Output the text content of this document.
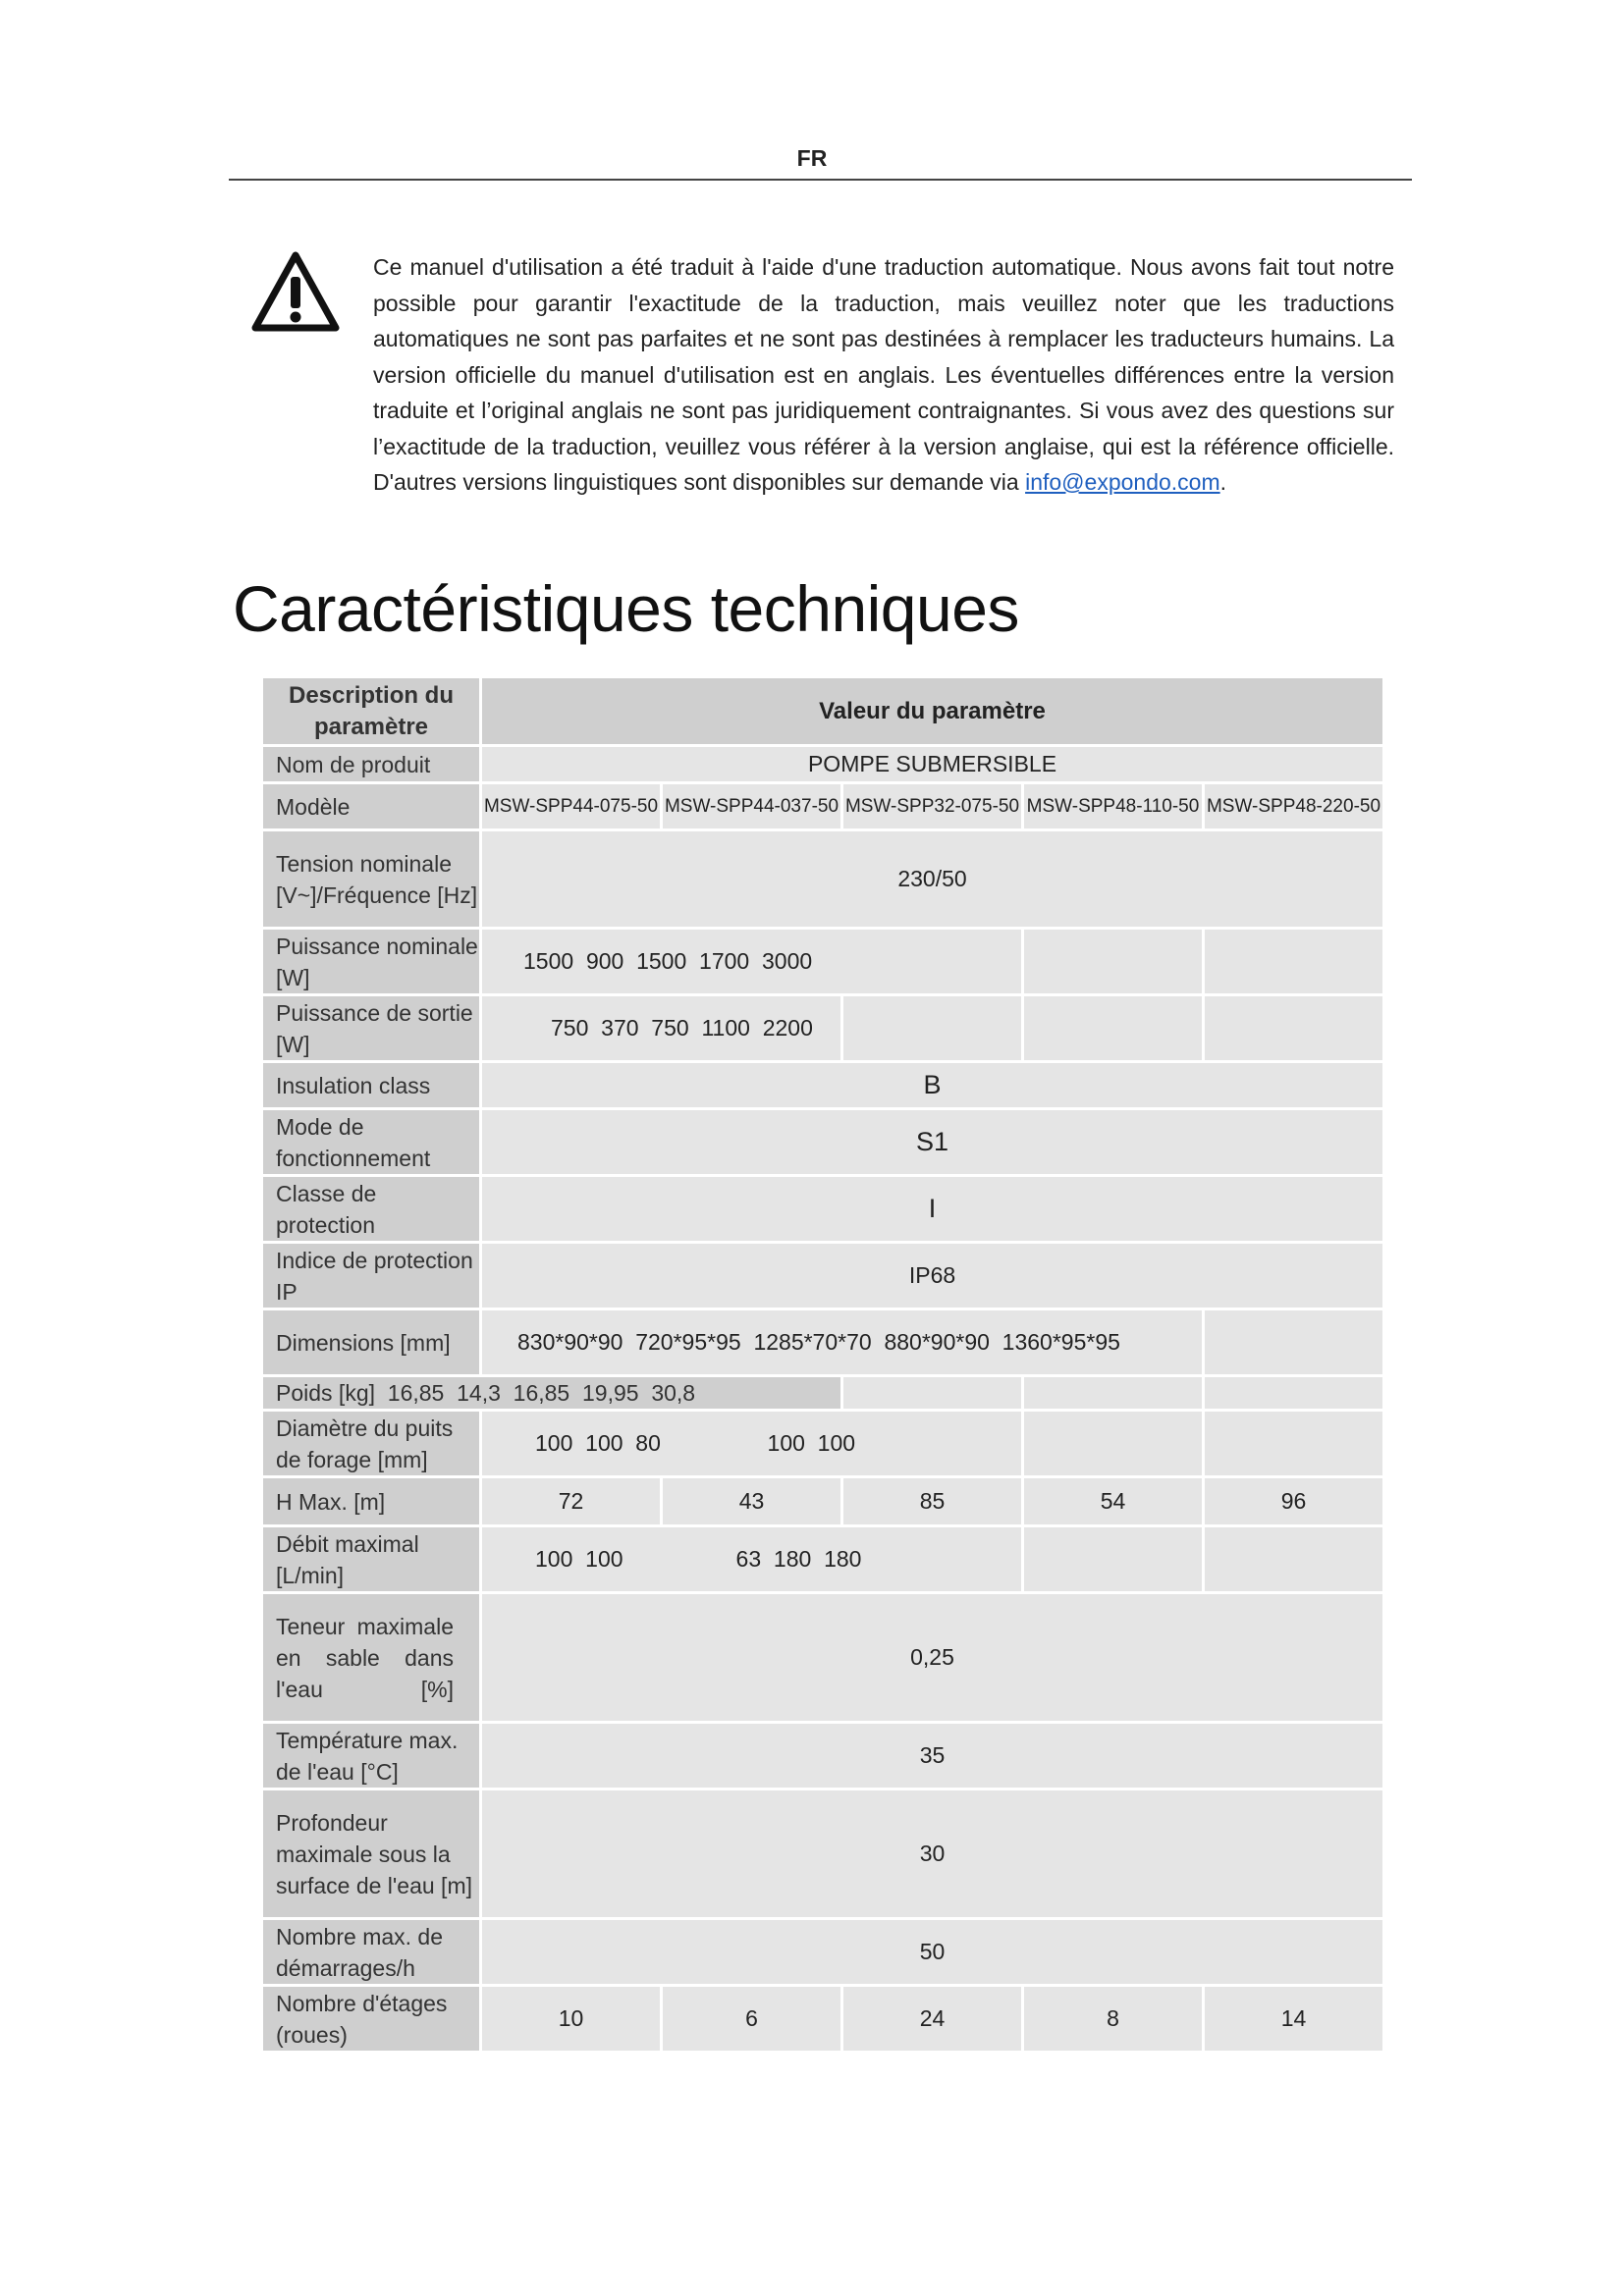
FR
Ce manuel d'utilisation a été traduit à l'aide d'une traduction automatique. Nous avons fait tout notre possible pour garantir l'exactitude de la traduction, mais veuillez noter que les traductions automatiques ne sont pas parfaites et ne sont pas destinées à remplacer les traducteurs humains. La version officielle du manuel d'utilisation est en anglais. Les éventuelles différences entre la version traduite et l’original anglais ne sont pas juridiquement contraignantes. Si vous avez des questions sur l’exactitude de la traduction, veuillez vous référer à la version anglaise, qui est la référence officielle. D'autres versions linguistiques sont disponibles sur demande via info@expondo.com.
Caractéristiques techniques
Description du paramètre	Valeur du paramètre				
Nom de produit	POMPE SUBMERSIBLE				
Modèle	MSW-SPP44-075-50	MSW-SPP44-037-50	MSW-SPP32-075-50	MSW-SPP48-110-50	MSW-SPP48-220-50

Tension nominale [V~]/Fréquence [Hz]	230/50				
Puissance nominale [W]	1500  900  1500  1700  3000				

Puissance de sortie [W]	750  370  750  1100  2200				

Insulation class	B				
Mode de fonctionnement	S1				
Classe de protection	I				
Indice de protection IP	IP68				
Dimensions [mm]	830*90*90  720*95*95  1285*70*70  880*90*90  1360*95*95				

Poids [kg] 16,85  14,3  16,85  19,95  30,8					
Diamètre du puits de forage [mm]	100  100  80                 100  100				

H Max. [m]	72	43	85	54	96
Débit maximal [L/min]	100  100                  63  180  180				

Teneur maximale en sable dans l'eau [%]	0,25				
Température max. de l'eau [°C]	35				
Profondeur maximale sous la surface de l'eau [m]	30				
Nombre max. de démarrages/h	50				
Nombre d'étages (roues)	10	6	24	8	14
